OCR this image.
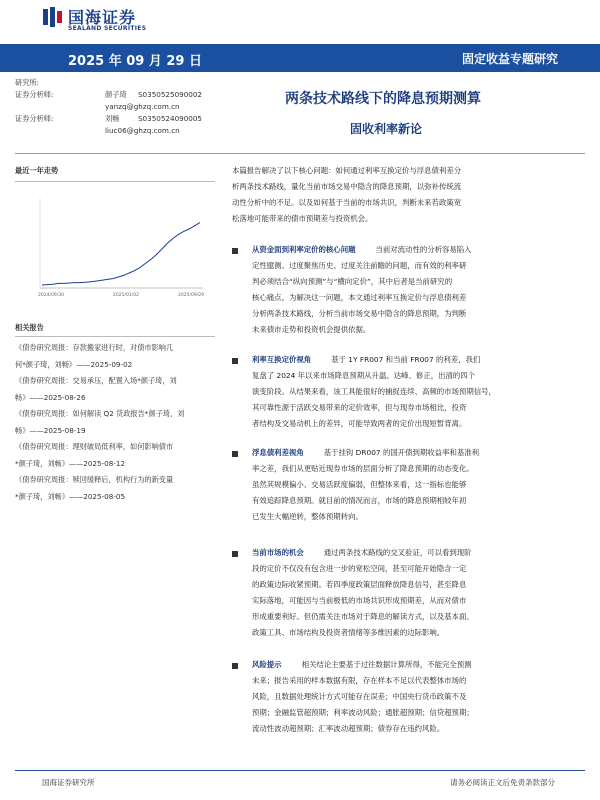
国海证券
SEALAND SECURITIES
2025 年 09 月 29 日	固定收益专题研究
研究所:
证券分析师:	颜子琦 S0350525090002
yanzq@ghzq.com.cn
证券分析师:	刘畅	S0350524090005
liuc06@ghzq.com.cn
两条技术路线下的降息预期测算
固收利率新论
最近一年走势
2024/09/30	2025/01/02	2025/09/29
相关报告
《债券研究周报：存款搬家进行时，对债市影响几
何*颜子琦，刘畅》——2025-09-02
《债券研究周报：交易承压，配置入场*颜子琦，刘
畅》——2025-08-26
《债券研究周报：如何解读 Q2 货政报告*颜子琦，刘
畅》——2025-08-19
《债券研究周报：理财破局低利率，如何影响债市
*颜子琦，刘畅》——2025-08-12
《债券研究周报：赎回缓释后，机构行为的新变量
*颜子琦，刘畅》——2025-08-05
本篇报告解决了以下核心问题：如何通过利率互换定价与浮息债利差分
析两条技术路线，量化当前市场交易中隐含的降息预期，以弥补传统流
动性分析中的不足。以及如何基于当前的市场共识，判断未来若政策宽
松落地可能带来的债市预期差与投资机会。
从资金面到利率定价的核心问题	当前对流动性的分析容易陷入
定性臆测、过度聚焦历史、过度关注前瞻的问题，而有效的利率研
判必须结合“纵向预测”与“横向定价”，其中后者是当前研究的
核心痛点。为解决这一问题，本文通过利率互换定价与浮息债利差
分析两条技术路线，分析当前市场交易中隐含的降息预期，为判断
未来债市走势和投资机会提供依据。
利率互换定价视角	基于 1Y FR007 和当前 FR007 的利差，我们
复盘了 2024 年以来市场降息预期从升温、达峰、修正，出清的四个
演变阶段。从结果来看，该工具能很好的捕捉连续、高频的市场预期信号，
其可靠性源于活跃交易带来的定价效率，但与现券市场相比，投资
者结构及交易动机上的差异，可能导致两者的定价出现短暂背离。
浮息债利差视角	基于挂钩 DR007 的国开债到期收益率和基准利
率之差，我们从更贴近现券市场的层面分析了降息预期的动态变化。
虽然其规模偏小、交易活跃度偏弱，但整体来看，这一指标也能够
有效追踪降息预期。就目前的情况而言，市场的降息预期相较年初
已发生大幅逆转，整体预期转向。
当前市场的机会	通过两条技术路线的交叉验证，可以看到现阶
段的定价不仅没有包含进一步的宽松空间，甚至可能开始隐含一定
的政策边际收紧预期。若四季度政策层面释放降息信号，甚至降息
实际落地，可能因与当前极低的市场共识形成预期差，从而对债市
形成重要利好。但仍需关注市场对于降息的解读方式，以及基本面、
政策工具、市场结构及投资者情绪等多维因素的边际影响。
风险提示	相关结论主要基于过往数据计算所得，不能完全预测
未来；报告采用的样本数据有限，存在样本不足以代表整体市场的
风险，且数据处理统计方式可能存在误差；中国央行货币政策不及
预期；金融监管超预期；利率波动风险；通胀超预期；信贷超预期；
流动性波动超预期；汇率波动超预期；债券存在违约风险。
国海证券研究所	请务必阅读正文后免责条款部分
